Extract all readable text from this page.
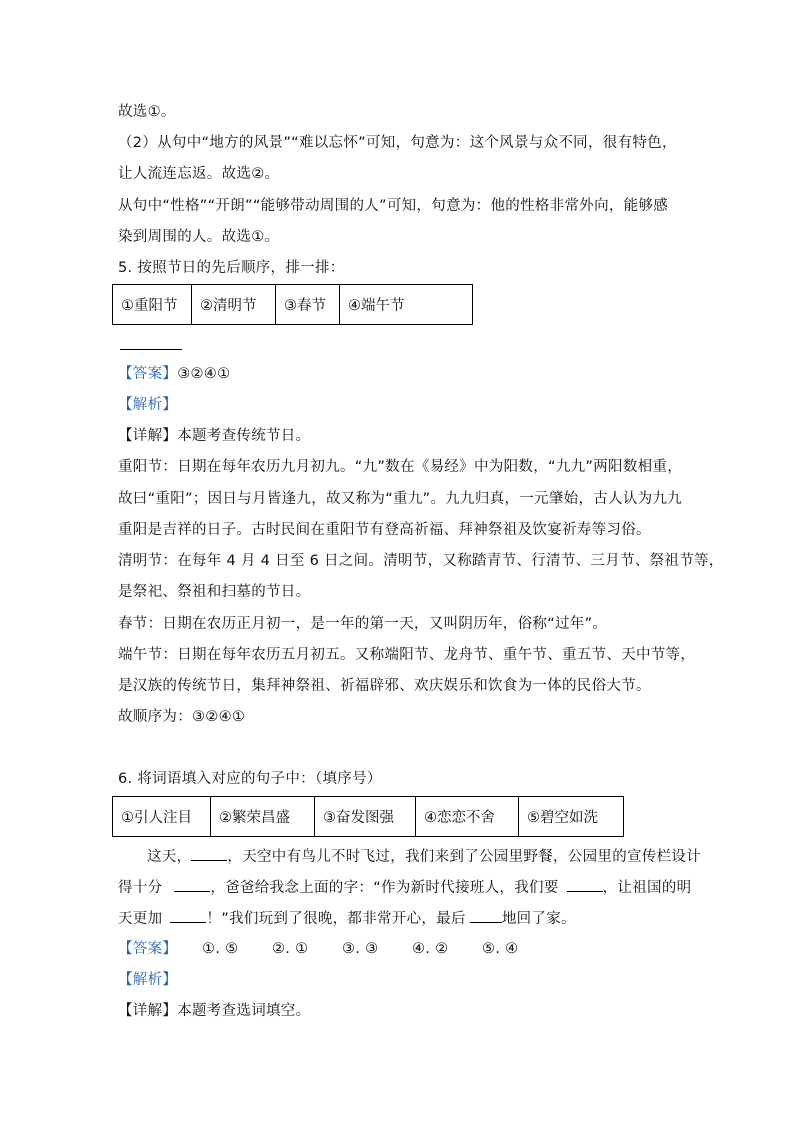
故选①。
（2）从句中“地方的风景”“难以忘怀”可知，句意为：这个风景与众不同，很有特色，
让人流连忘返。故选②。
从句中“性格”“开朗”“能够带动周围的人”可知，句意为：他的性格非常外向，能够感
染到周围的人。故选①。
5. 按照节日的先后顺序，排一排：
①重阳节	②清明节	③春节	④端午节
【答案】③②④①
【解析】
【详解】本题考查传统节日。
重阳节：日期在每年农历九月初九。“九”数在《易经》中为阳数，“九九”两阳数相重，
故曰“重阳”；因日与月皆逢九，故又称为“重九”。九九归真，一元肇始，古人认为九九
重阳是吉祥的日子。古时民间在重阳节有登高祈福、拜神祭祖及饮宴祈寿等习俗。
清明节：在每年 4 月 4 日至 6 日之间。清明节，又称踏青节、行清节、三月节、祭祖节等，
是祭祀、祭祖和扫墓的节日。
春节：日期在农历正月初一，是一年的第一天，又叫阴历年，俗称“过年”。
端午节：日期在每年农历五月初五。又称端阳节、龙舟节、重午节、重五节、天中节等，
是汉族的传统节日，集拜神祭祖、祈福辟邪、欢庆娱乐和饮食为一体的民俗大节。
故顺序为：③②④①
6. 将词语填入对应的句子中：（填序号）
①引人注目	②繁荣昌盛	③奋发图强	④恋恋不舍	⑤碧空如洗
这天， ，天空中有鸟儿不时飞过，我们来到了公园里野餐，公园里的宣传栏设计
得十分	，爸爸给我念上面的字：“作为新时代接班人，我们要	，让祖国的明
天更加	！”我们玩到了很晚，都非常开心，最后 地回了家。
【答案】 ①. ⑤ ②. ① ③. ③ ④. ② ⑤. ④
【解析】
【详解】本题考查选词填空。
